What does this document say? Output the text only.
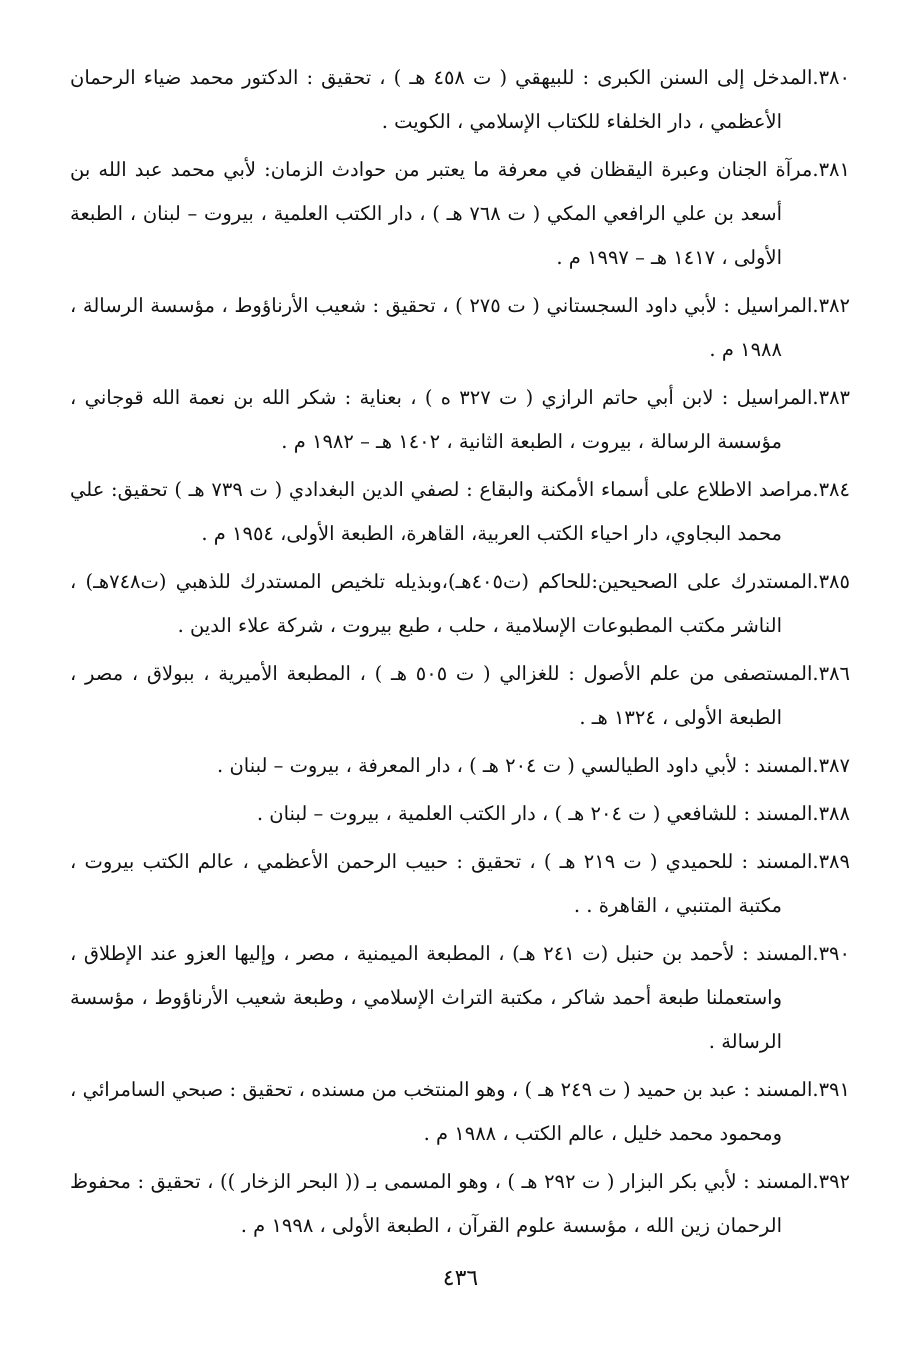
٣٨٠.المدخل إلى السنن الكبرى : للبيهقي ( ت ٤٥٨ هـ ) ، تحقيق : الدكتور محمد ضياء الرحمان الأعظمي ، دار الخلفاء للكتاب الإسلامي ، الكويت .

٣٨١.مرآة الجنان وعبرة اليقظان في معرفة ما يعتبر من حوادث الزمان: لأبي محمد عبد الله بن أسعد بن علي الرافعي المكي ( ت ٧٦٨ هـ ) ، دار الكتب العلمية ، بيروت – لبنان ، الطبعة الأولى ، ١٤١٧ هـ – ١٩٩٧ م .

٣٨٢.المراسيل : لأبي داود السجستاني ( ت ٢٧٥ ) ، تحقيق : شعيب الأرناؤوط ، مؤسسة الرسالة ، ١٩٨٨ م .

٣٨٣.المراسيل : لابن أبي حاتم الرازي ( ت ٣٢٧ ه ) ، بعناية : شكر الله بن نعمة الله قوجاني ، مؤسسة الرسالة ، بيروت ، الطبعة الثانية ، ١٤٠٢ هـ – ١٩٨٢ م .

٣٨٤.مراصد الاطلاع على أسماء الأمكنة والبقاع : لصفي الدين البغدادي ( ت ٧٣٩ هـ ) تحقيق: علي محمد البجاوي، دار احياء الكتب العربية، القاهرة، الطبعة الأولى، ١٩٥٤ م .

٣٨٥.المستدرك على الصحيحين:للحاكم (ت٤٠٥هـ)،وبذيله تلخيص المستدرك للذهبي (ت٧٤٨هـ) ، الناشر مكتب المطبوعات الإسلامية ، حلب ، طبع بيروت ، شركة علاء الدين .

٣٨٦.المستصفى من علم الأصول : للغزالي ( ت ٥٠٥ هـ ) ، المطبعة الأميرية ، ببولاق ، مصر ، الطبعة الأولى ، ١٣٢٤ هـ .

٣٨٧.المسند : لأبي داود الطيالسي ( ت ٢٠٤ هـ ) ، دار المعرفة ، بيروت – لبنان .

٣٨٨.المسند : للشافعي ( ت ٢٠٤ هـ ) ، دار الكتب العلمية ، بيروت – لبنان .

٣٨٩.المسند : للحميدي ( ت ٢١٩ هـ ) ، تحقيق : حبيب الرحمن الأعظمي ، عالم الكتب بيروت ، مكتبة المتنبي ، القاهرة . .

٣٩٠.المسند : لأحمد بن حنبل (ت ٢٤١ هـ) ، المطبعة الميمنية ، مصر ، وإليها العزو عند الإطلاق ، واستعملنا طبعة أحمد شاكر ، مكتبة التراث الإسلامي ، وطبعة شعيب الأرناؤوط ، مؤسسة الرسالة .

٣٩١.المسند : عبد بن حميد ( ت ٢٤٩ هـ ) ، وهو المنتخب من مسنده ، تحقيق : صبحي السامرائي ، ومحمود محمد خليل ، عالم الكتب ، ١٩٨٨ م .

٣٩٢.المسند : لأبي بكر البزار ( ت ٢٩٢ هـ ) ، وهو المسمى بـ (( البحر الزخار )) ، تحقيق : محفوظ الرحمان زين الله ، مؤسسة علوم القرآن ، الطبعة الأولى ، ١٩٩٨ م .

٤٣٦
